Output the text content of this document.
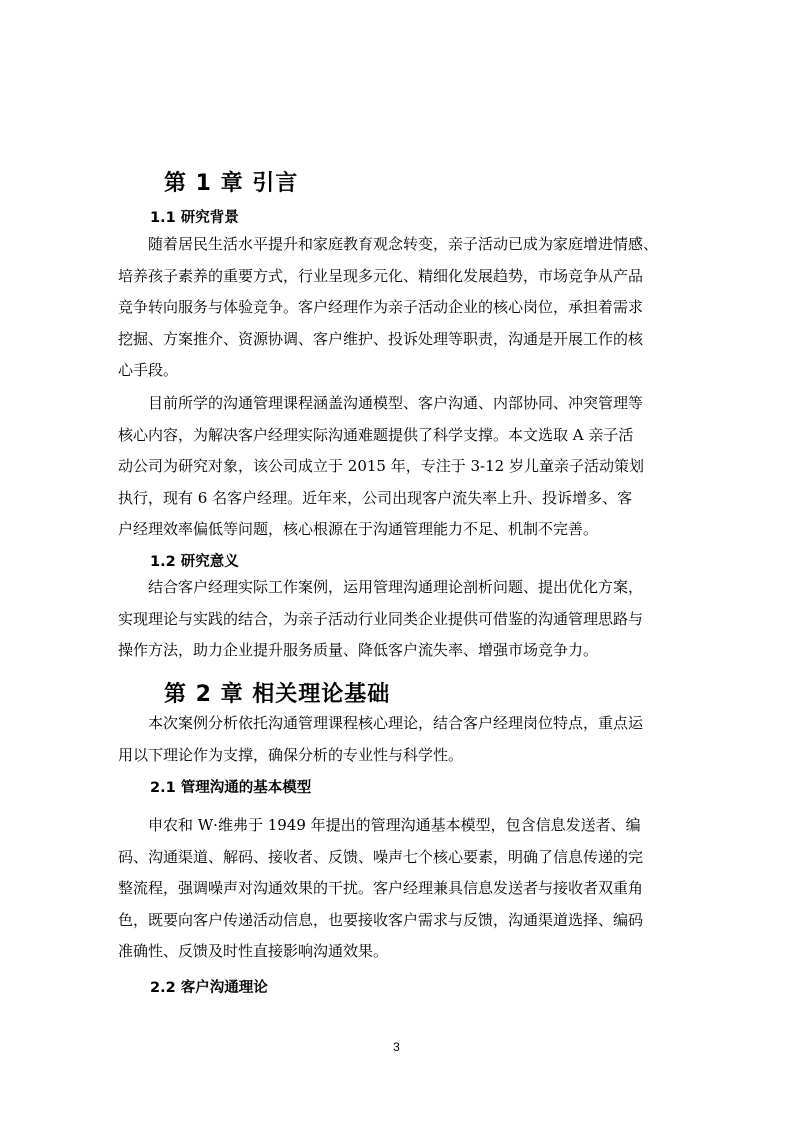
第 1 章 引言
1.1 研究背景
随着居民生活水平提升和家庭教育观念转变，亲子活动已成为家庭增进情感、
培养孩子素养的重要方式，行业呈现多元化、精细化发展趋势，市场竞争从产品
竞争转向服务与体验竞争。客户经理作为亲子活动企业的核心岗位，承担着需求
挖掘、方案推介、资源协调、客户维护、投诉处理等职责，沟通是开展工作的核
心手段。
目前所学的沟通管理课程涵盖沟通模型、客户沟通、内部协同、冲突管理等
核心内容，为解决客户经理实际沟通难题提供了科学支撑。本文选取 A 亲子活
动公司为研究对象，该公司成立于 2015 年，专注于 3-12 岁儿童亲子活动策划
执行，现有 6 名客户经理。近年来，公司出现客户流失率上升、投诉增多、客
户经理效率偏低等问题，核心根源在于沟通管理能力不足、机制不完善。
1.2 研究意义
结合客户经理实际工作案例，运用管理沟通理论剖析问题、提出优化方案，
实现理论与实践的结合，为亲子活动行业同类企业提供可借鉴的沟通管理思路与
操作方法，助力企业提升服务质量、降低客户流失率、增强市场竞争力。
第 2 章 相关理论基础
本次案例分析依托沟通管理课程核心理论，结合客户经理岗位特点，重点运
用以下理论作为支撑，确保分析的专业性与科学性。
2.1 管理沟通的基本模型
申农和 W·维弗于 1949 年提出的管理沟通基本模型，包含信息发送者、编
码、沟通渠道、解码、接收者、反馈、噪声七个核心要素，明确了信息传递的完
整流程，强调噪声对沟通效果的干扰。客户经理兼具信息发送者与接收者双重角
色，既要向客户传递活动信息，也要接收客户需求与反馈，沟通渠道选择、编码
准确性、反馈及时性直接影响沟通效果。
2.2 客户沟通理论
3
